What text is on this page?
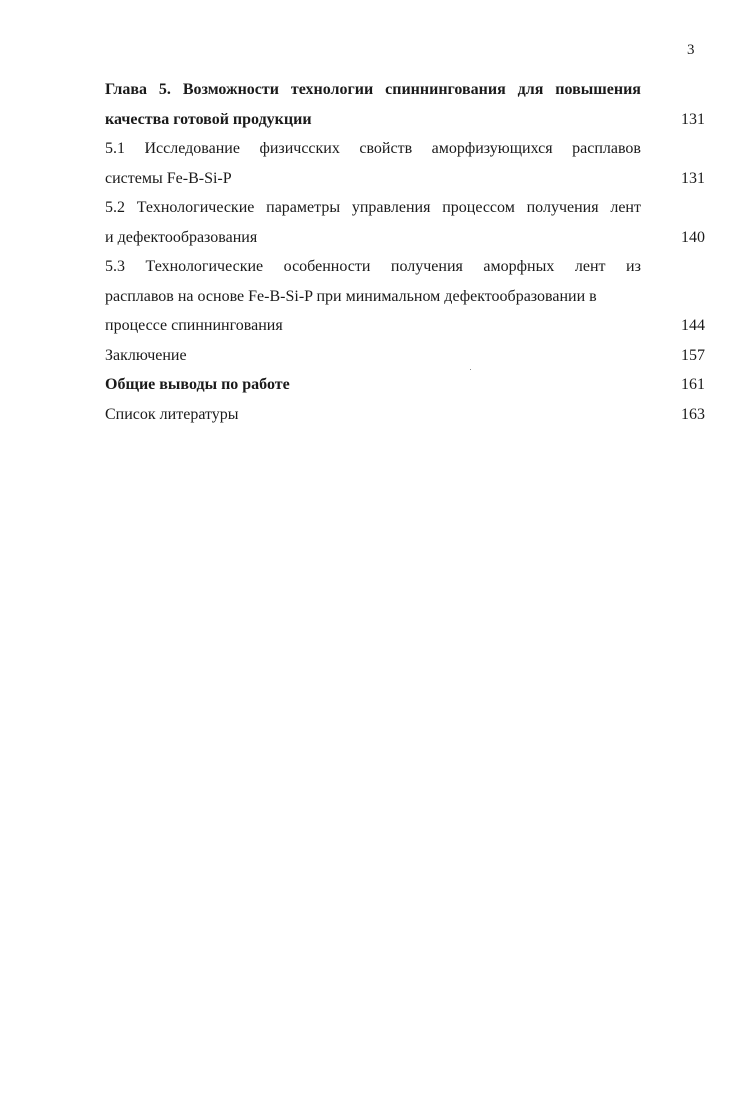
3
Глава 5. Возможности технологии спиннингования для повышения
качества готовой продукции	131
5.1 Исследование физичсских свойств аморфизующихся расплавов
системы Fe-B-Si-P	131
5.2 Технологические параметры управления процессом получения лент
и дефектообразования	140
5.3 Технологические особенности получения аморфных лент из
расплавов на основе Fe-B-Si-P при минимальном дефектообразовании в
процессе спиннингования	144
Заключение	157
Общие выводы по работе	161
Список литературы	163
